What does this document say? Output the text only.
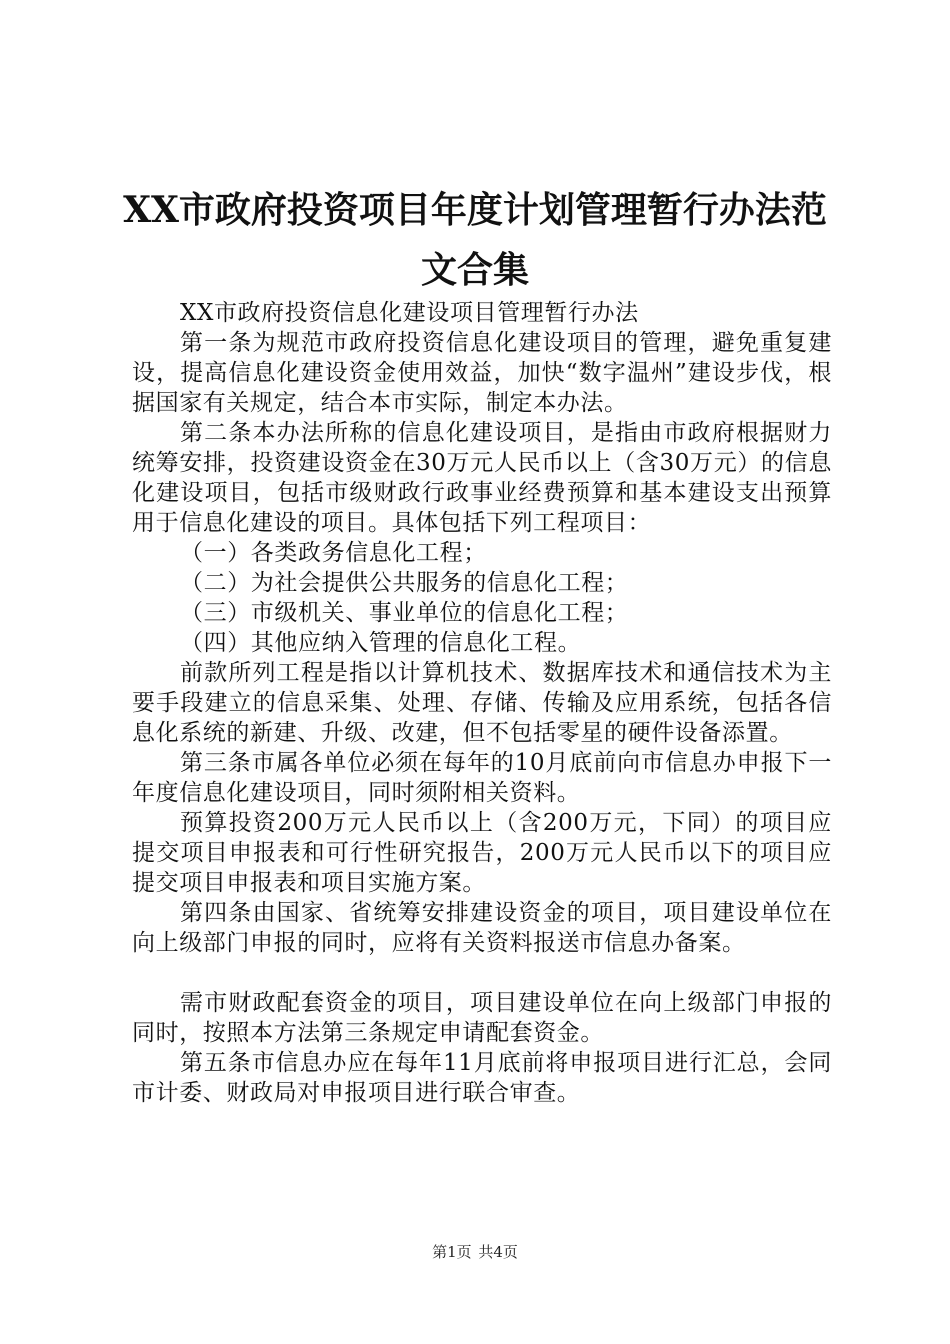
XX市政府投资项目年度计划管理暂行办法范
文合集

XX市政府投资信息化建设项目管理暂行办法

第一条为规范市政府投资信息化建设项目的管理，避免重复建设，提高信息化建设资金使用效益，加快“数字温州”建设步伐，根据国家有关规定，结合本市实际，制定本办法。

第二条本办法所称的信息化建设项目，是指由市政府根据财力统筹安排，投资建设资金在30万元人民币以上（含30万元）的信息化建设项目，包括市级财政行政事业经费预算和基本建设支出预算用于信息化建设的项目。具体包括下列工程项目：

（一）各类政务信息化工程；

（二）为社会提供公共服务的信息化工程；

（三）市级机关、事业单位的信息化工程；

（四）其他应纳入管理的信息化工程。

前款所列工程是指以计算机技术、数据库技术和通信技术为主要手段建立的信息采集、处理、存储、传输及应用系统，包括各信息化系统的新建、升级、改建，但不包括零星的硬件设备添置。

第三条市属各单位必须在每年的10月底前向市信息办申报下一年度信息化建设项目，同时须附相关资料。

预算投资200万元人民币以上（含200万元，下同）的项目应提交项目申报表和可行性研究报告，200万元人民币以下的项目应提交项目申报表和项目实施方案。

第四条由国家、省统筹安排建设资金的项目，项目建设单位在向上级部门申报的同时，应将有关资料报送市信息办备案。

需市财政配套资金的项目，项目建设单位在向上级部门申报的同时，按照本方法第三条规定申请配套资金。

第五条市信息办应在每年11月底前将申报项目进行汇总，会同市计委、财政局对申报项目进行联合审查。

第1页 共4页
